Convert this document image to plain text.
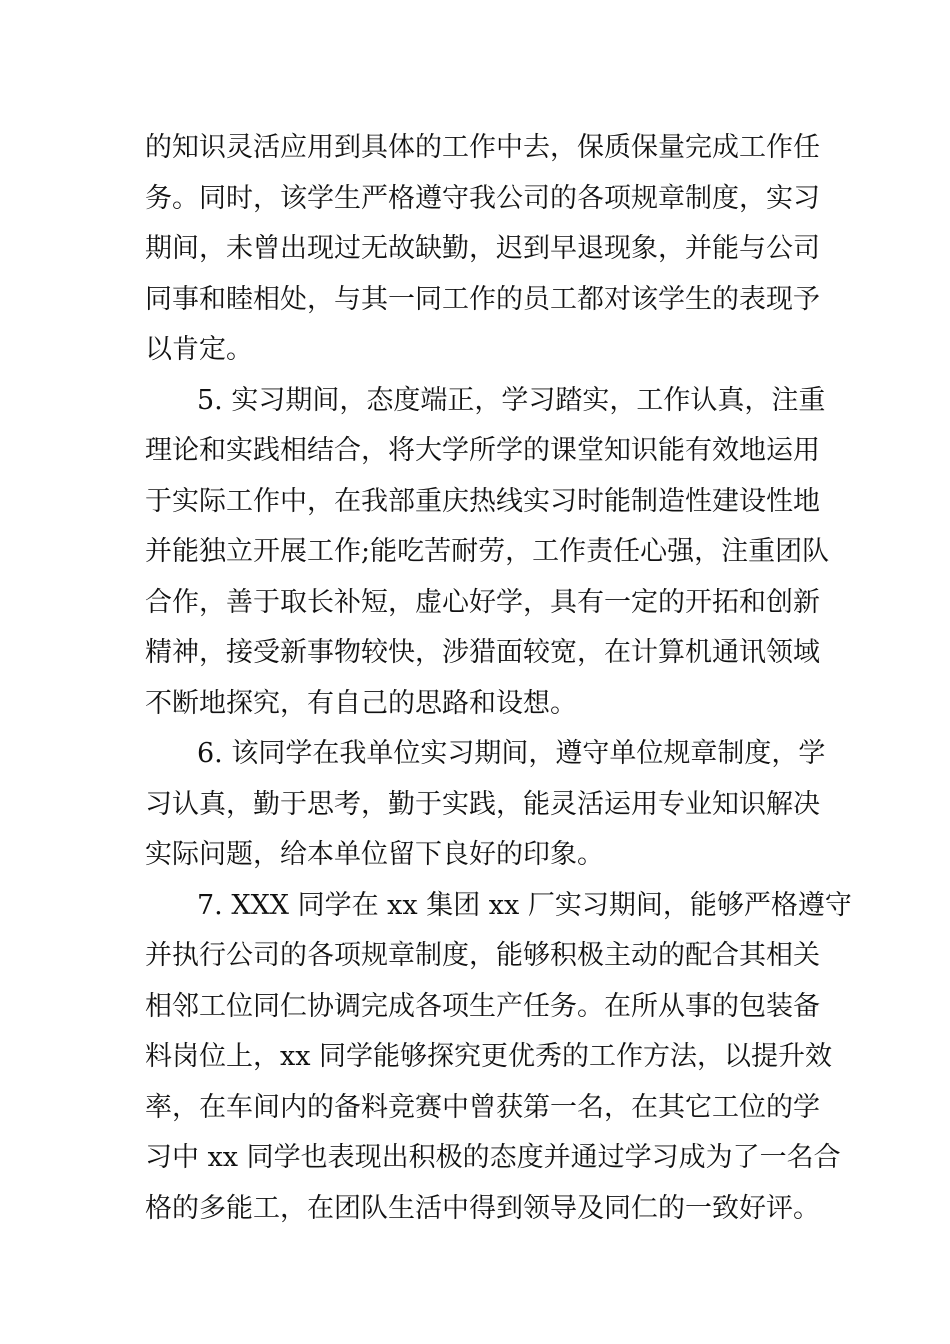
的知识灵活应用到具体的工作中去，保质保量完成工作任
务。同时，该学生严格遵守我公司的各项规章制度，实习
期间，未曾出现过无故缺勤，迟到早退现象，并能与公司
同事和睦相处，与其一同工作的员工都对该学生的表现予
以肯定。
5. 实习期间，态度端正，学习踏实，工作认真，注重
理论和实践相结合，将大学所学的课堂知识能有效地运用
于实际工作中，在我部重庆热线实习时能制造性建设性地
并能独立开展工作;能吃苦耐劳，工作责任心强，注重团队
合作，善于取长补短，虚心好学，具有一定的开拓和创新
精神，接受新事物较快，涉猎面较宽，在计算机通讯领域
不断地探究，有自己的思路和设想。
6. 该同学在我单位实习期间，遵守单位规章制度，学
习认真，勤于思考，勤于实践，能灵活运用专业知识解决
实际问题，给本单位留下良好的印象。
7. XXX 同学在 xx 集团 xx 厂实习期间，能够严格遵守
并执行公司的各项规章制度，能够积极主动的配合其相关
相邻工位同仁协调完成各项生产任务。在所从事的包装备
料岗位上，xx 同学能够探究更优秀的工作方法，以提升效
率，在车间内的备料竞赛中曾获第一名，在其它工位的学
习中 xx 同学也表现出积极的态度并通过学习成为了一名合
格的多能工，在团队生活中得到领导及同仁的一致好评。
